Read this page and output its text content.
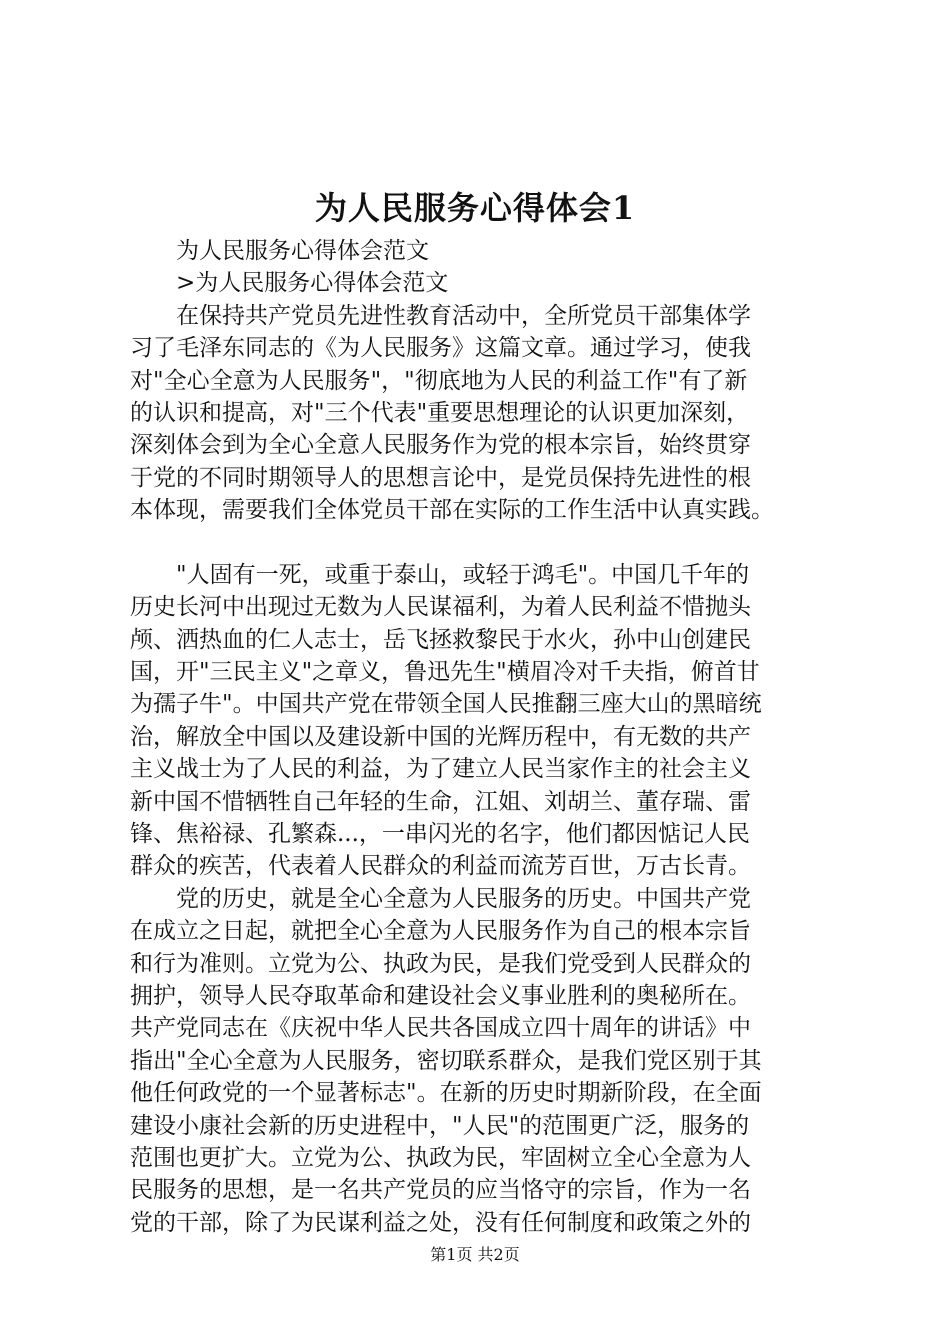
为人民服务心得体会1
　　为人民服务心得体会范文
　　>为人民服务心得体会范文
　　在保持共产党员先进性教育活动中，全所党员干部集体学
习了毛泽东同志的《为人民服务》这篇文章。通过学习，使我
对"全心全意为人民服务"，"彻底地为人民的利益工作"有了新
的认识和提高，对"三个代表"重要思想理论的认识更加深刻，
深刻体会到为全心全意人民服务作为党的根本宗旨，始终贯穿
于党的不同时期领导人的思想言论中，是党员保持先进性的根
本体现，需要我们全体党员干部在实际的工作生活中认真实践。
　　"人固有一死，或重于泰山，或轻于鸿毛"。中国几千年的
历史长河中出现过无数为人民谋福利，为着人民利益不惜抛头
颅、洒热血的仁人志士，岳飞拯救黎民于水火，孙中山创建民
国，开"三民主义"之章义，鲁迅先生"横眉冷对千夫指，俯首甘
为孺子牛"。中国共产党在带领全国人民推翻三座大山的黑暗统
治，解放全中国以及建设新中国的光辉历程中，有无数的共产
主义战士为了人民的利益，为了建立人民当家作主的社会主义
新中国不惜牺牲自己年轻的生命，江姐、刘胡兰、董存瑞、雷
锋、焦裕禄、孔繁森...，一串闪光的名字，他们都因惦记人民
群众的疾苦，代表着人民群众的利益而流芳百世，万古长青。
　　党的历史，就是全心全意为人民服务的历史。中国共产党
在成立之日起，就把全心全意为人民服务作为自己的根本宗旨
和行为准则。立党为公、执政为民，是我们党受到人民群众的
拥护，领导人民夺取革命和建设社会义事业胜利的奥秘所在。
共产党同志在《庆祝中华人民共各国成立四十周年的讲话》中
指出"全心全意为人民服务，密切联系群众，是我们党区别于其
他任何政党的一个显著标志"。在新的历史时期新阶段，在全面
建设小康社会新的历史进程中，"人民"的范围更广泛，服务的
范围也更扩大。立党为公、执政为民，牢固树立全心全意为人
民服务的思想，是一名共产党员的应当恪守的宗旨，作为一名
党的干部，除了为民谋利益之处，没有任何制度和政策之外的
第1页 共2页
